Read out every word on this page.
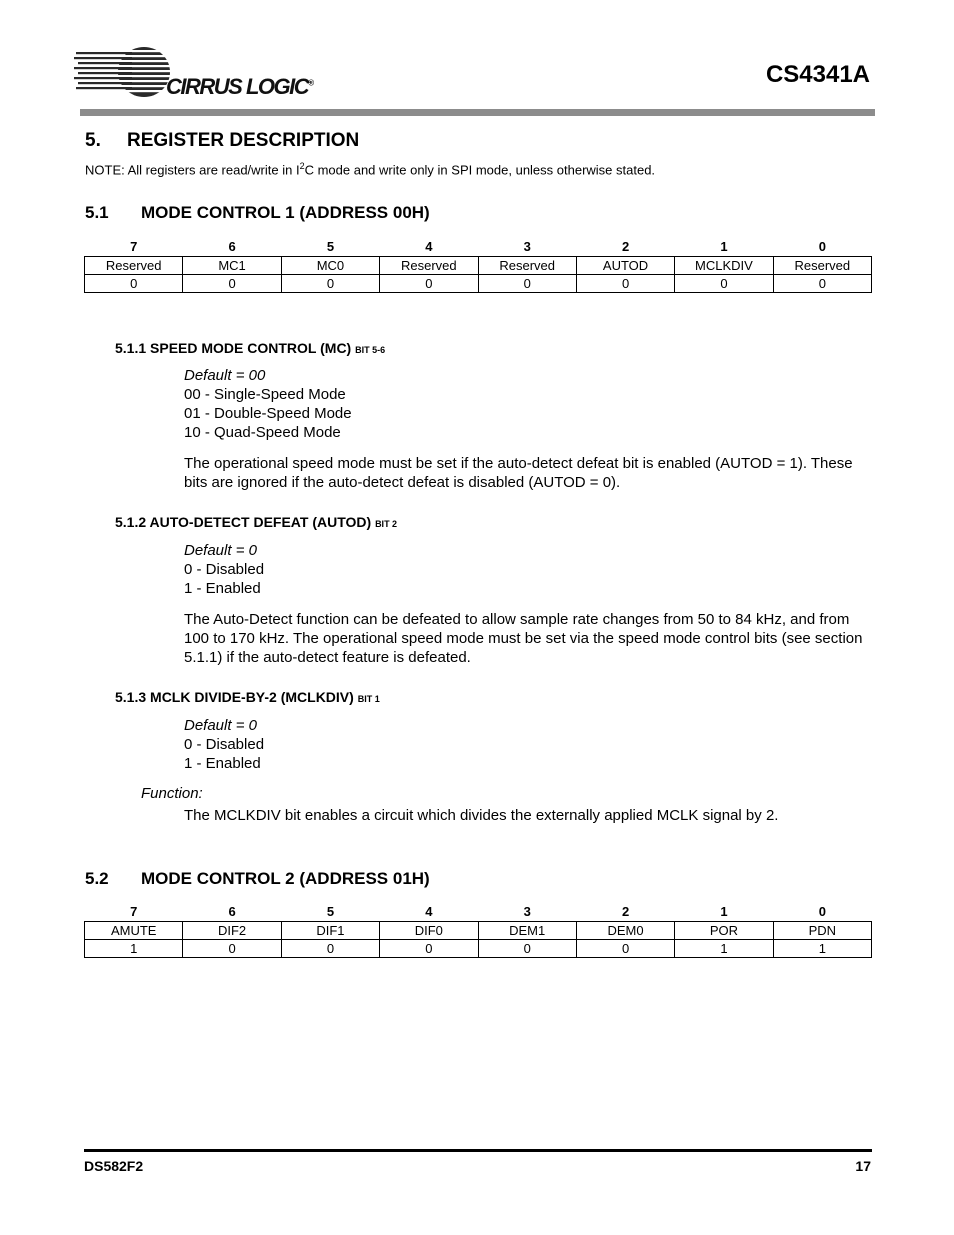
CIRRUS LOGIC®	CS4341A
5. REGISTER DESCRIPTION
NOTE: All registers are read/write in $I^2C$ mode and write only in SPI mode, unless otherwise stated.
5.1 MODE CONTROL 1 (ADDRESS 00H)
7	6	5	4	3	2	1	0
Reserved	MC1	MC0	Reserved	Reserved	AUTOD	MCLKDIV	Reserved
0	0	0	0	0	0	0	0
5.1.1 SPEED MODE CONTROL (MC) BIT 5-6
Default = 00
00 - Single-Speed Mode
01 - Double-Speed Mode
10 - Quad-Speed Mode
The operational speed mode must be set if the auto-detect defeat bit is enabled (AUTOD = 1). These bits are ignored if the auto-detect defeat is disabled (AUTOD = 0).
5.1.2 AUTO-DETECT DEFEAT (AUTOD) BIT 2
Default = 0
0 - Disabled
1 - Enabled
The Auto-Detect function can be defeated to allow sample rate changes from 50 to 84 kHz, and from 100 to 170 kHz. The operational speed mode must be set via the speed mode control bits (see section 5.1.1) if the auto-detect feature is defeated.
5.1.3 MCLK DIVIDE-BY-2 (MCLKDIV) BIT 1
Default = 0
0 - Disabled
1 - Enabled
Function:
The MCLKDIV bit enables a circuit which divides the externally applied MCLK signal by 2.
5.2 MODE CONTROL 2 (ADDRESS 01H)
7	6	5	4	3	2	1	0
AMUTE	DIF2	DIF1	DIF0	DEM1	DEM0	POR	PDN
1	0	0	0	0	0	1	1
DS582F2	17
